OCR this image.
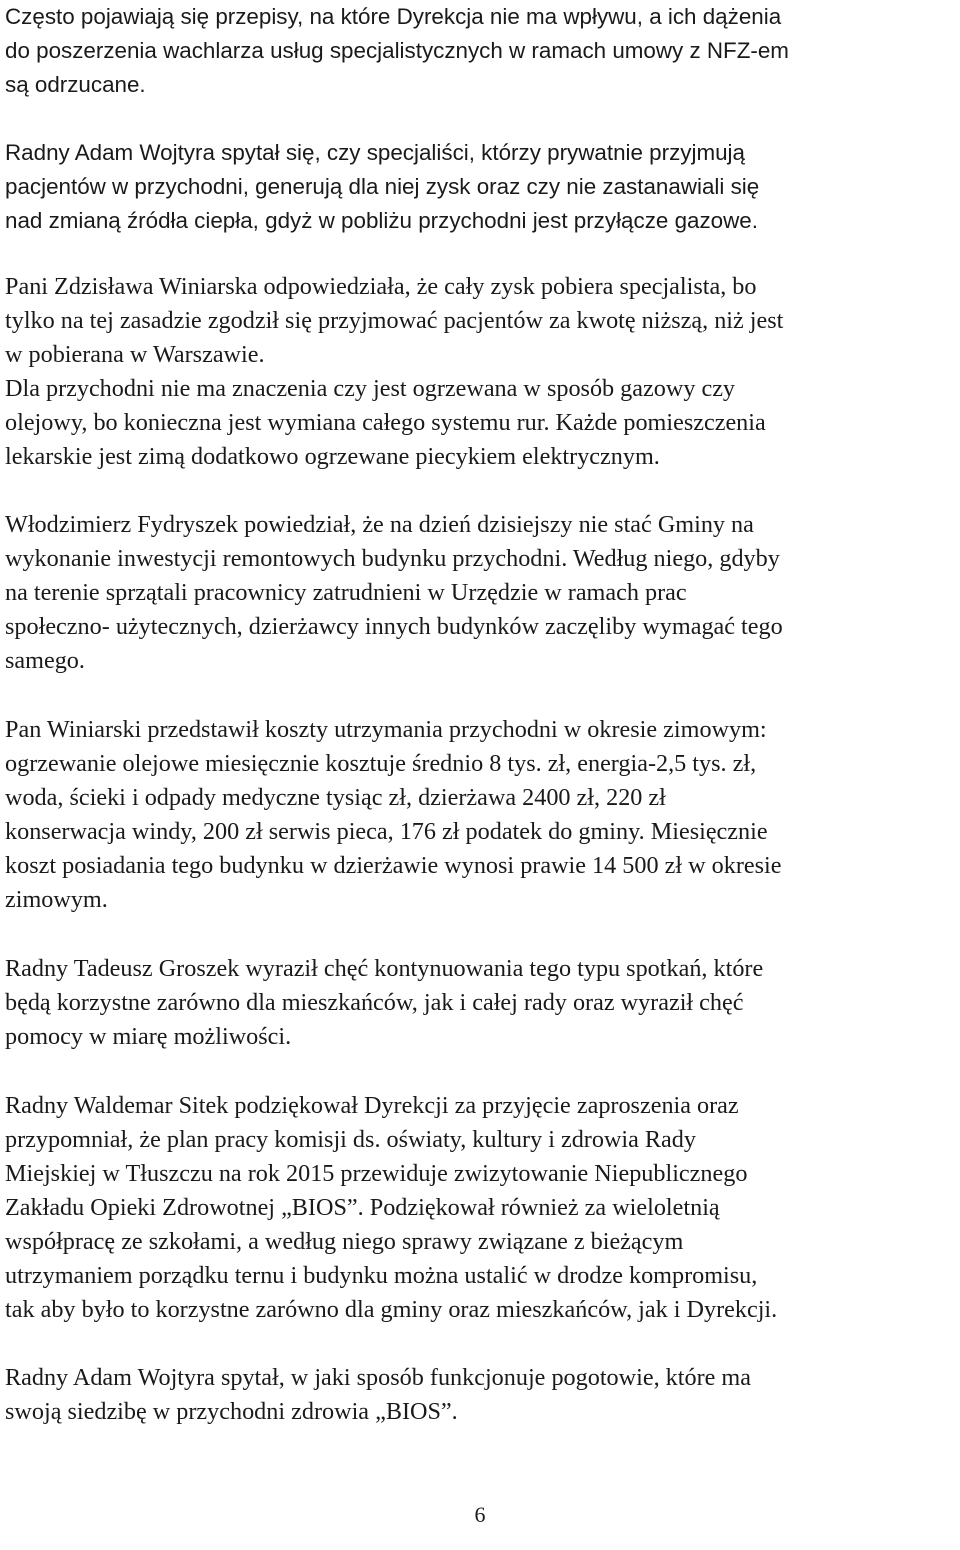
Często pojawiają się przepisy, na które Dyrekcja nie ma wpływu, a ich dążenia
do poszerzenia wachlarza usług specjalistycznych w ramach umowy z NFZ-em
są odrzucane.
Radny Adam Wojtyra spytał się, czy specjaliści, którzy prywatnie przyjmują
pacjentów w przychodni, generują dla niej zysk oraz czy nie zastanawiali się
nad zmianą źródła ciepła, gdyż w pobliżu przychodni jest przyłącze gazowe.
Pani Zdzisława Winiarska odpowiedziała, że cały zysk pobiera specjalista, bo
tylko na tej zasadzie zgodził się przyjmować pacjentów za kwotę niższą, niż jest
w pobierana w Warszawie.
Dla przychodni nie ma znaczenia czy jest ogrzewana w sposób gazowy czy
olejowy, bo konieczna jest wymiana całego systemu rur. Każde pomieszczenia
lekarskie jest zimą dodatkowo ogrzewane piecykiem elektrycznym.
Włodzimierz Fydryszek powiedział, że na dzień dzisiejszy nie stać Gminy na
wykonanie inwestycji remontowych budynku przychodni. Według niego, gdyby
na terenie sprzątali pracownicy zatrudnieni w Urzędzie w ramach prac
społeczno- użytecznych, dzierżawcy innych budynków zaczęliby wymagać tego
samego.
Pan Winiarski przedstawił koszty utrzymania przychodni w okresie zimowym:
ogrzewanie olejowe miesięcznie kosztuje średnio 8 tys. zł, energia-2,5 tys. zł,
woda, ścieki i odpady medyczne tysiąc zł, dzierżawa 2400 zł, 220 zł
konserwacja windy, 200 zł serwis pieca, 176 zł podatek do gminy. Miesięcznie
koszt posiadania tego budynku w dzierżawie wynosi prawie 14 500 zł w okresie
zimowym.
Radny Tadeusz Groszek wyraził chęć kontynuowania tego typu spotkań, które
będą korzystne zarówno dla mieszkańców, jak i całej rady oraz wyraził chęć
pomocy w miarę możliwości.
Radny Waldemar Sitek podziękował Dyrekcji za przyjęcie zaproszenia oraz
przypomniał, że plan pracy komisji ds. oświaty, kultury i zdrowia Rady
Miejskiej w Tłuszczu na rok 2015 przewiduje zwizytowanie Niepublicznego
Zakładu Opieki Zdrowotnej „BIOS”. Podziękował również za wieloletnią
współpracę ze szkołami, a według niego sprawy związane z bieżącym
utrzymaniem porządku ternu i budynku można ustalić w drodze kompromisu,
tak aby było to korzystne zarówno dla gminy oraz mieszkańców, jak i Dyrekcji.
Radny Adam Wojtyra spytał, w jaki sposób funkcjonuje pogotowie, które ma
swoją siedzibę w przychodni zdrowia „BIOS”.
6
